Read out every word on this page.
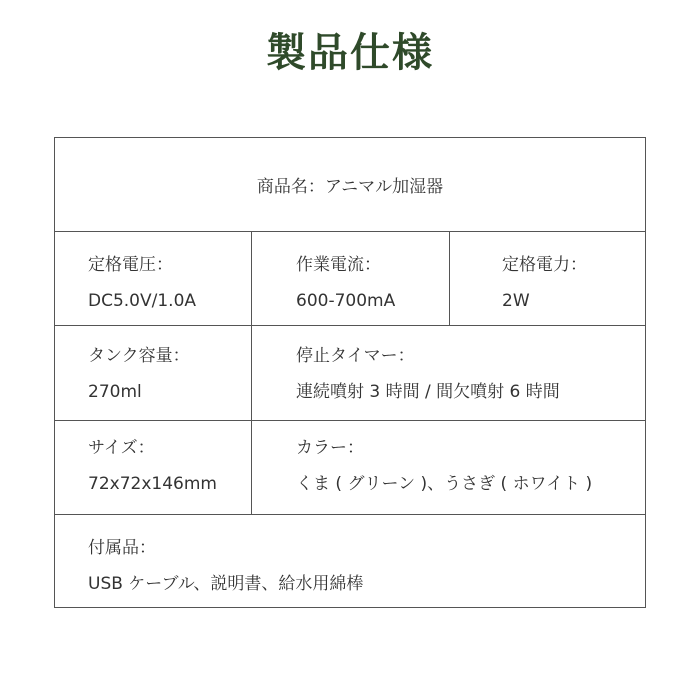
製品仕様
商品名：アニマル加湿器
定格電圧：
DC5.0V/1.0A
作業電流：
600-700mA
定格電力：
2W
タンク容量：
270ml
停止タイマー：
連続噴射 3 時間 / 間欠噴射 6 時間
サイズ：
72x72x146mm
カラー：
くま ( グリーン )、うさぎ ( ホワイト )
付属品：
USB ケーブル、説明書、給水用綿棒
